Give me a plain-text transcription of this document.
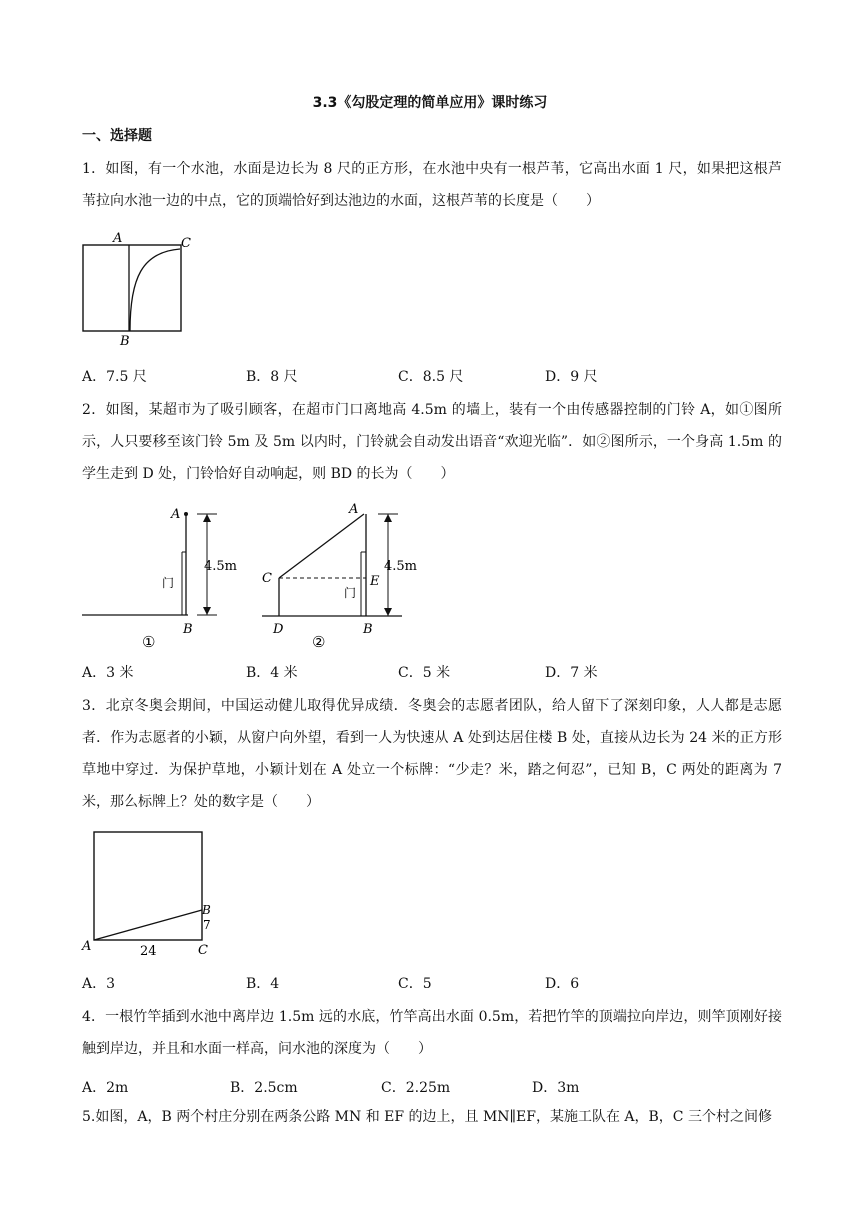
3.3《勾股定理的简单应用》课时练习
一、选择题

1．如图，有一个水池，水面是边长为 8 尺的正方形，在水池中央有一根芦苇，它高出水面 1 尺，如果把这根芦苇拉向水池一边的中点，它的顶端恰好到达池边的水面，这根芦苇的长度是（　　）

A	C
B
A．7.5 尺	B．8 尺	C．8.5 尺	D．9 尺

2．如图，某超市为了吸引顾客，在超市门口离地高 4.5m 的墙上，装有一个由传感器控制的门铃 A，如①图所示，人只要移至该门铃 5m 及 5m 以内时，门铃就会自动发出语音“欢迎光临”．如②图所示，一个身高 1.5m 的学生走到 D 处，门铃恰好自动响起，则 BD 的长为（　　）

A
门
4.5m
B
①
A
C	E
门
4.5m
D	B
②
A．3 米	B．4 米	C．5 米	D．7 米

3．北京冬奥会期间，中国运动健儿取得优异成绩．冬奥会的志愿者团队，给人留下了深刻印象，人人都是志愿者．作为志愿者的小颖，从窗户向外望，看到一人为快速从 A 处到达居住楼 B 处，直接从边长为 24 米的正方形草地中穿过．为保护草地，小颖计划在 A 处立一个标牌：“少走？米，踏之何忍”，已知 B，C 两处的距离为 7 米，那么标牌上？处的数字是（　　）

A
B
7
24	C
A．3	B．4	C．5	D．6

4．一根竹竿插到水池中离岸边 1.5m 远的水底，竹竿高出水面 0.5m，若把竹竿的顶端拉向岸边，则竿顶刚好接触到岸边，并且和水面一样高，问水池的深度为（　　）

A．2m	B．2.5cm	C．2.25m	D．3m

5.如图，A，B 两个村庄分别在两条公路 MN 和 EF 的边上，且 MN∥EF，某施工队在 A，B，C 三个村之间修
